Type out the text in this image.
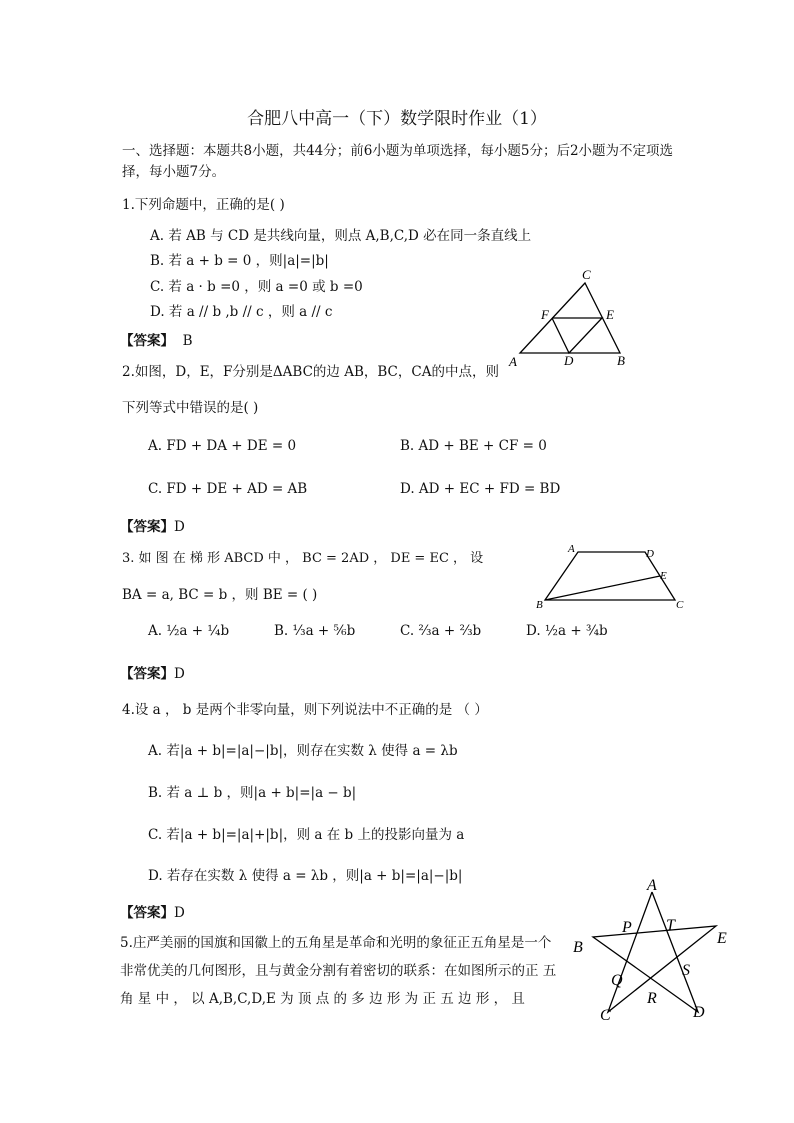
合肥八中高一（下）数学限时作业（1）
一、选择题：本题共8小题，共44分；前6小题为单项选择，每小题5分；后2小题为不定项选择，每小题7分。
1.下列命题中，正确的是( )
A. 若 AB 与 CD 是共线向量，则点 A,B,C,D 必在同一条直线上
B. 若 a + b = 0 ，则|a|=|b|
C. 若 a · b =0 ，则 a =0 或 b =0
D. 若 a // b ,b // c ，则 a // c
【答案】 B
C
F	E
A	D	B
2.如图，D，E，F分别是ΔABC的边 AB，BC，CA的中点，则
下列等式中错误的是( )
A. FD + DA + DE = 0	B. AD + BE + CF = 0
C. FD + DE + AD = AB	D. AD + EC + FD = BD
【答案】D
A	D
E
B	C
3. 如 图 在 梯 形 ABCD 中 ， BC = 2AD ， DE = EC ， 设
BA = a, BC = b ，则 BE = ( )
A. ½a + ¼b	B. ⅓a + ⅚b	C. ⅔a + ⅔b	D. ½a + ¾b
【答案】D
4.设 a ， b 是两个非零向量，则下列说法中不正确的是 （ ）
A. 若|a + b|=|a|−|b|，则存在实数 λ 使得 a = λb
B. 若 a ⊥ b ，则|a + b|=|a − b|
C. 若|a + b|=|a|+|b|，则 a 在 b 上的投影向量为 a
D. 若存在实数 λ 使得 a = λb ，则|a + b|=|a|−|b|
【答案】D
5.庄严美丽的国旗和国徽上的五角星是革命和光明的象征正五角星是一个非常优美的几何图形，且与黄金分割有着密切的联系：在如图所示的正 五 角 星 中 ， 以 A,B,C,D,E 为 顶 点 的 多 边 形 为 正 五 边 形 ， 且
A
P T
B
E
Q
S
R
C	D
